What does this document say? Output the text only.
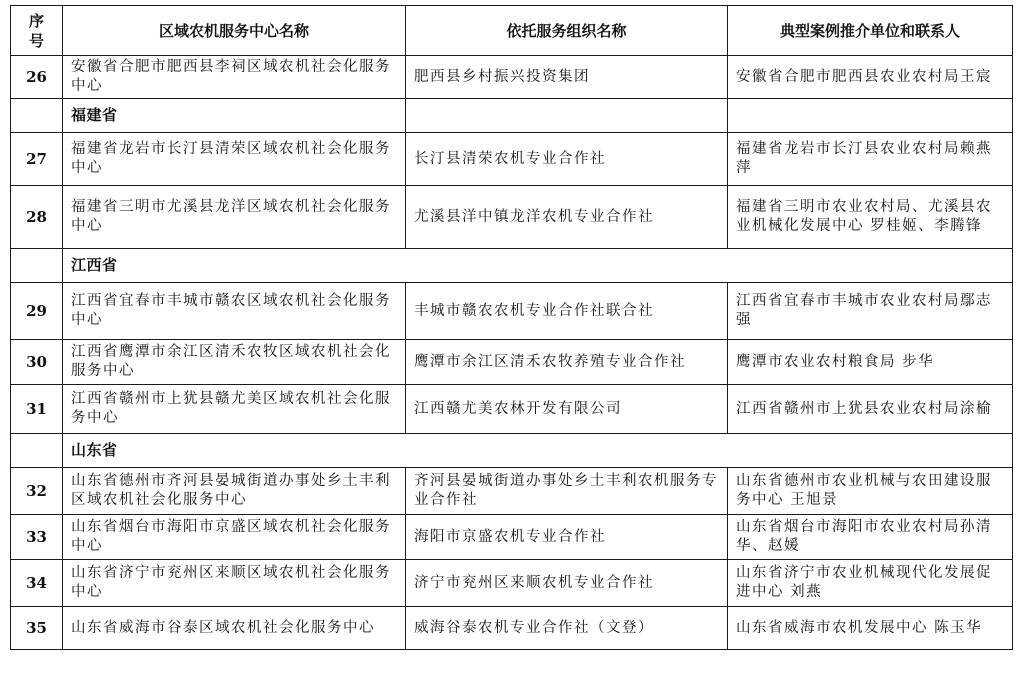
序
号	区域农机服务中心名称	依托服务组织名称	典型案例推介单位和联系人
26	安徽省合肥市肥西县李祠区域农机社会化服务中心	肥西县乡村振兴投资集团	安徽省合肥市肥西县农业农村局王宸
	福建省		
27	福建省龙岩市长汀县清荣区域农机社会化服务中心	长汀县清荣农机专业合作社	福建省龙岩市长汀县农业农村局赖燕萍
28	福建省三明市尤溪县龙洋区域农机社会化服务中心	尤溪县洋中镇龙洋农机专业合作社	福建省三明市农业农村局、尤溪县农业机械化发展中心 罗桂姬、李腾锋
	江西省		
29	江西省宜春市丰城市赣农区域农机社会化服务中心	丰城市赣农农机专业合作社联合社	江西省宜春市丰城市农业农村局鄢志强
30	江西省鹰潭市余江区清禾农牧区域农机社会化服务中心	鹰潭市余江区清禾农牧养殖专业合作社	鹰潭市农业农村粮食局 步华
31	江西省赣州市上犹县赣尤美区域农机社会化服务中心	江西赣尤美农林开发有限公司	江西省赣州市上犹县农业农村局涂榆
	山东省		
32	山东省德州市齐河县晏城街道办事处乡土丰利区域农机社会化服务中心	齐河县晏城街道办事处乡土丰利农机服务专业合作社	山东省德州市农业机械与农田建设服务中心 王旭景
33	山东省烟台市海阳市京盛区域农机社会化服务中心	海阳市京盛农机专业合作社	山东省烟台市海阳市农业农村局孙清华、赵媛
34	山东省济宁市兖州区来顺区域农机社会化服务中心	济宁市兖州区来顺农机专业合作社	山东省济宁市农业机械现代化发展促进中心 刘燕
35	山东省威海市谷泰区域农机社会化服务中心	威海谷泰农机专业合作社（文登）	山东省威海市农机发展中心 陈玉华
